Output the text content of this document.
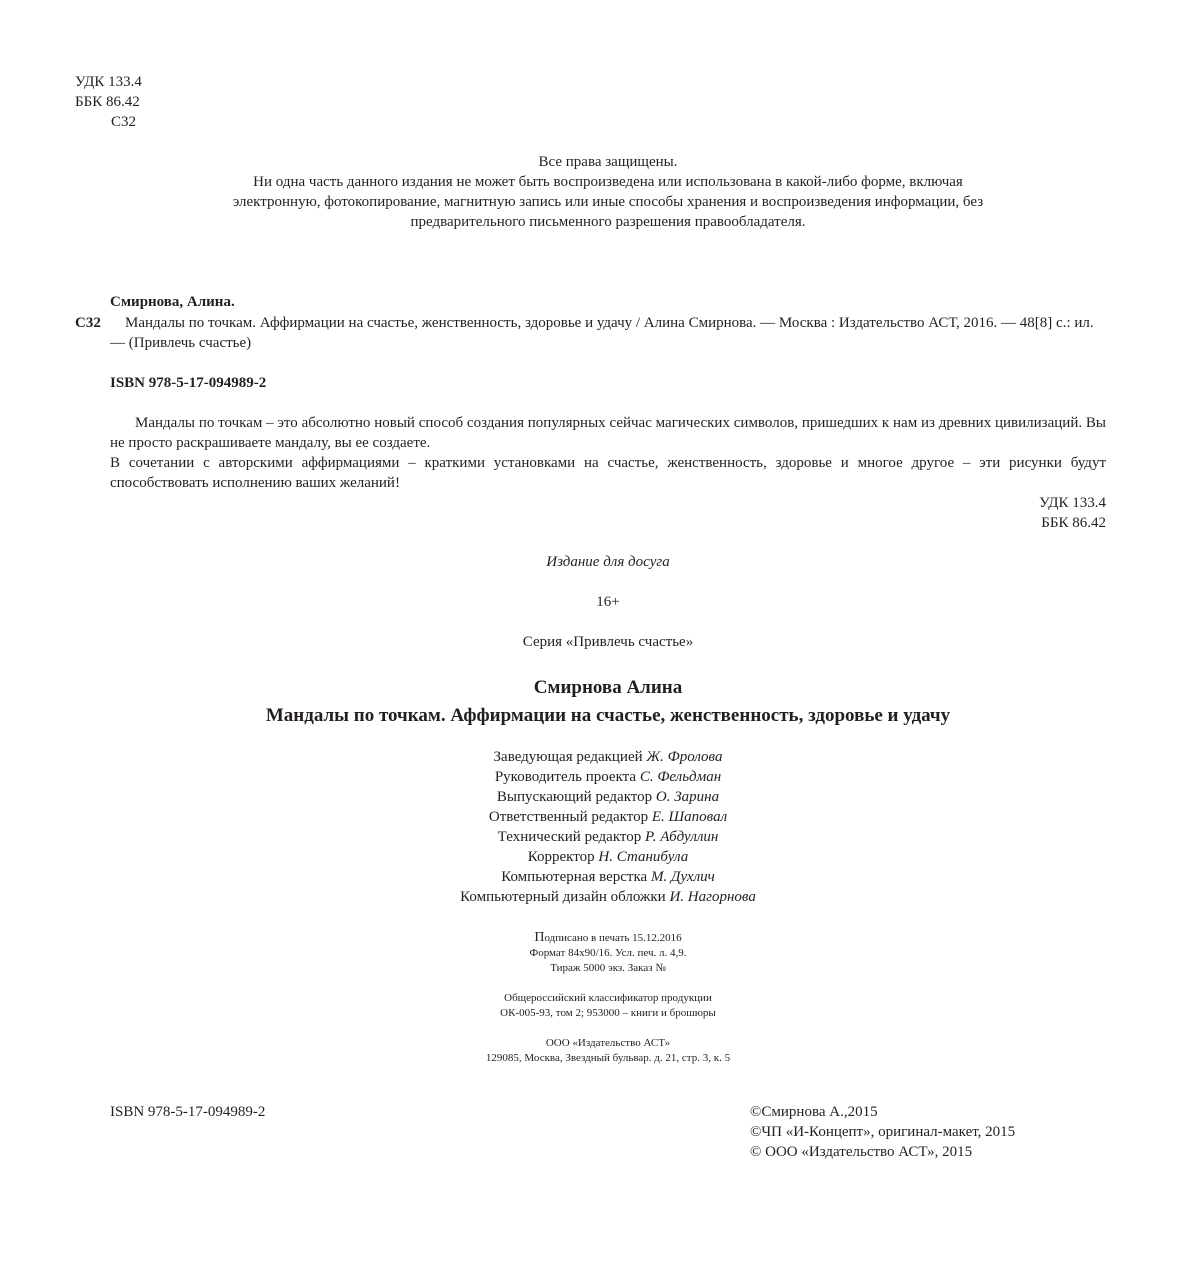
УДК 133.4
ББК 86.42
С32
Все права защищены.
Ни одна часть данного издания не может быть воспроизведена или использована в какой-либо форме, включая
электронную, фотокопирование, магнитную запись или иные способы хранения и воспроизведения информации, без
предварительного письменного разрешения правообладателя.
Смирнова, Алина.
С32	Мандалы по точкам. Аффирмации на счастье, женственность, здоровье и удачу / Алина Смирнова. — Москва : Издательство АСТ, 2016. — 48[8] с.: ил. — (Привлечь счастье)
ISBN 978-5-17-094989-2

Мандалы по точкам – это абсолютно новый способ создания популярных сейчас магических символов, пришедших к нам из древних цивилизаций. Вы не просто раскрашиваете мандалу, вы ее создаете.

В сочетании с авторскими аффирмациями – краткими установками на счастье, женственность, здоровье и многое другое – эти рисунки будут способствовать исполнению ваших желаний!

УДК 133.4
ББК 86.42
Издание для досуга
16+
Серия «Привлечь счастье»
Смирнова Алина
Мандалы по точкам. Аффирмации на счастье, женственность, здоровье и удачу
Заведующая редакцией Ж. Фролова
Руководитель проекта С. Фельдман
Выпускающий редактор О. Зарина
Ответственный редактор Е. Шаповал
Технический редактор Р. Абдуллин
Корректор Н. Станибула
Компьютерная верстка М. Духлич
Компьютерный дизайн обложки И. Нагорнова
Подписано в печать 15.12.2016
Формат 84x90/16. Усл. печ. л. 4,9.
Тираж 5000 экз. Заказ №
Общероссийский классификатор продукции
ОК-005-93, том 2; 953000 – книги и брошюры
ООО «Издательство АСТ»
129085, Москва, Звездный бульвар. д. 21, стр. 3, к. 5
ISBN 978-5-17-094989-2	©Смирнова А.,2015
©ЧП «И-Концепт», оригинал-макет, 2015
© ООО «Издательство АСТ», 2015
